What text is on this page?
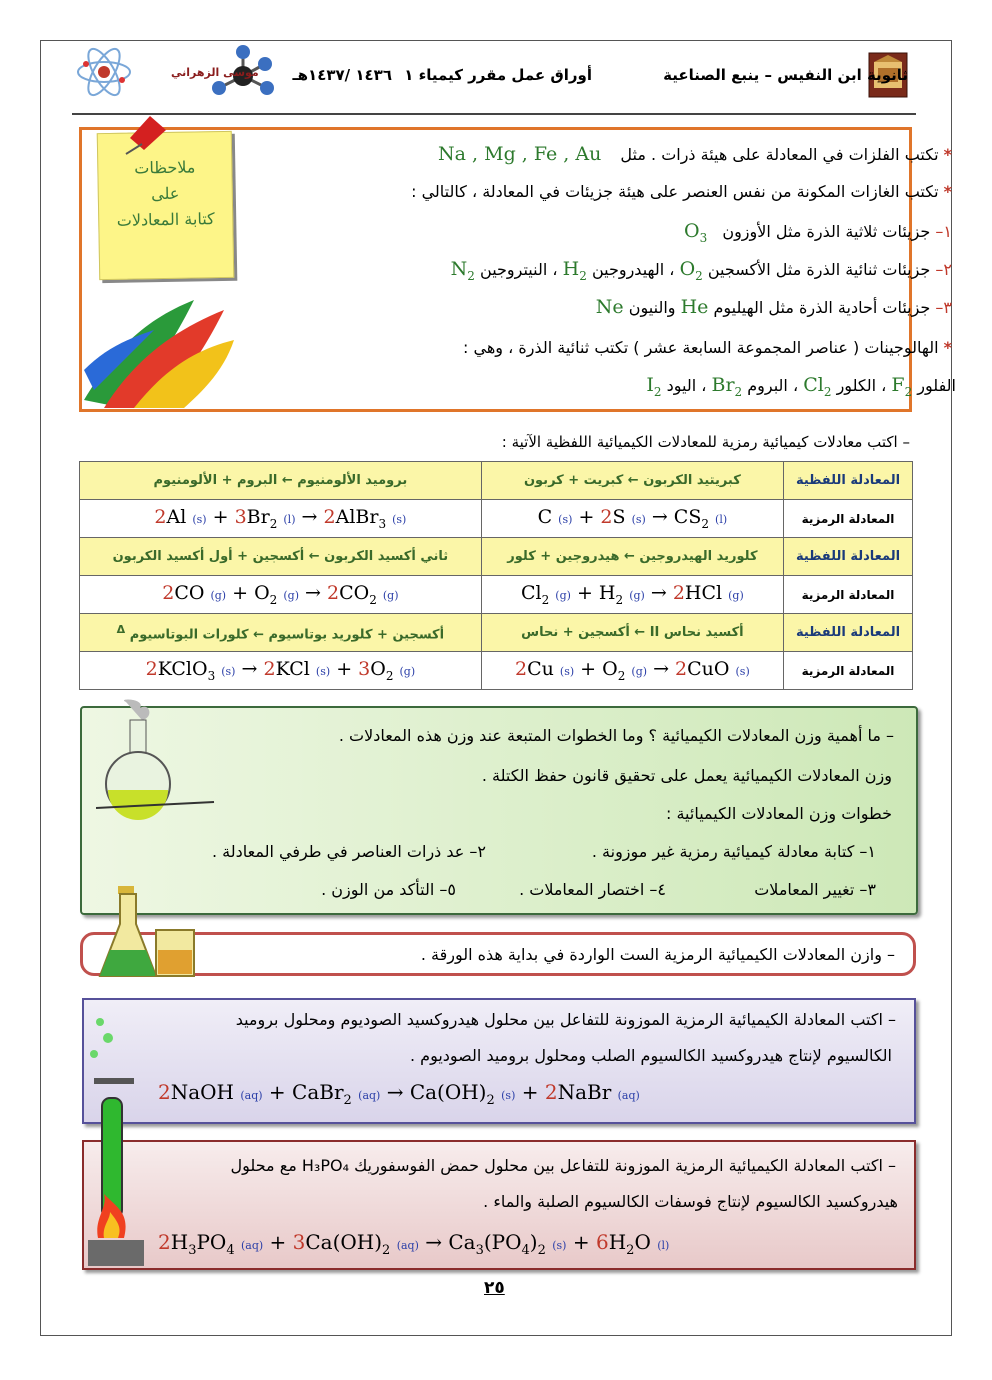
ثانوية ابن النفيس – ينبع الصناعية
أوراق عمل مقرر كيمياء ١
١٤٣٦ /١٤٣٧هـ
موسى الزهراني
ملاحظات
على
كتابة المعادلات
* تكتب الفلزات في المعادلة على هيئة ذرات . مثل Na , Mg , Fe , Au
* تكتب الغازات المكونة من نفس العنصر على هيئة جزيئات في المعادلة ، كالتالي :
١– جزيئات ثلاثية الذرة مثل الأوزون $O_3$
٢– جزيئات ثنائية الذرة مثل الأكسجين $O_2$ ، الهيدروجين $H_2$ ، النيتروجين $N_2$
٣– جزيئات أحادية الذرة مثل الهيليوم He والنيون Ne
* الهالوجينات ( عناصر المجموعة السابعة عشر ) تكتب ثنائية الذرة ، وهي :
الفلور $F_2$ ، الكلور $Cl_2$ ، البروم $Br_2$ ، اليود $I_2$
– اكتب معادلات كيميائية رمزية للمعادلات الكيميائية اللفظية الآتية :
المعادلة اللفظية	كبريتيد الكربون ← كبريت + كربون	بروميد الألومنيوم ← البروم + الألومنيوم
المعادلة الرمزية	C (s) + 2S $(s) \to CS_2$ (l)	2Al $(s) + 3Br_2$ (l) → 2AlBr$_3$ (s)
المعادلة اللفظية	كلوريد الهيدروجين ← هيدروجين + كلور	ثاني أكسيد الكربون ← أكسجين + أول أكسيد الكربون
المعادلة الرمزية	$Cl_2$ $(g) + H_2$ (g) → 2HCl (g)	2CO $(g) + O_2$ $(g) \to 2CO_2$ (g)
المعادلة اللفظية	أكسيد نحاس II ← أكسجين + نحاس	أكسجين + كلوريد بوتاسيوم ← كلورات البوتاسيوم $^\Delta$
المعادلة الرمزية	2Cu $(s) + O_2$ (g) → 2CuO (s)	2KClO$_3$ (s) → 2KCl $(s) + 3O_2$ (g)
– ما أهمية وزن المعادلات الكيميائية ؟ وما الخطوات المتبعة عند وزن هذه المعادلات .
وزن المعادلات الكيميائية يعمل على تحقيق قانون حفظ الكتلة .
خطوات وزن المعادلات الكيميائية :
١– كتابة معادلة كيميائية رمزية غير موزونة .
٢– عد ذرات العناصر في طرفي المعادلة .
٣– تغيير المعاملات
٤– اختصار المعاملات .
٥– التأكد من الوزن .
– وازن المعادلات الكيميائية الرمزية الست الواردة في بداية هذه الورقة .
– اكتب المعادلة الكيميائية الرمزية الموزونة للتفاعل بين محلول هيدروكسيد الصوديوم ومحلول بروميد
الكالسيوم لإنتاج هيدروكسيد الكالسيوم الصلب ومحلول بروميد الصوديوم .
2NaOH (aq) + CaBr$_2$ $(aq) \to Ca(OH)_2$ (s) + 2NaBr (aq)
– اكتب المعادلة الكيميائية الرمزية الموزونة للتفاعل بين محلول حمض الفوسفوريك H₃PO₄ مع محلول
هيدروكسيد الكالسيوم لإنتاج فوسفات الكالسيوم الصلبة والماء .
$2H_3PO_4$ $(aq) + 3Ca(OH)_2$ $(aq) \to Ca_3(PO_4)_2$ $(s) + 6H_2O$ (l)
٢٥
